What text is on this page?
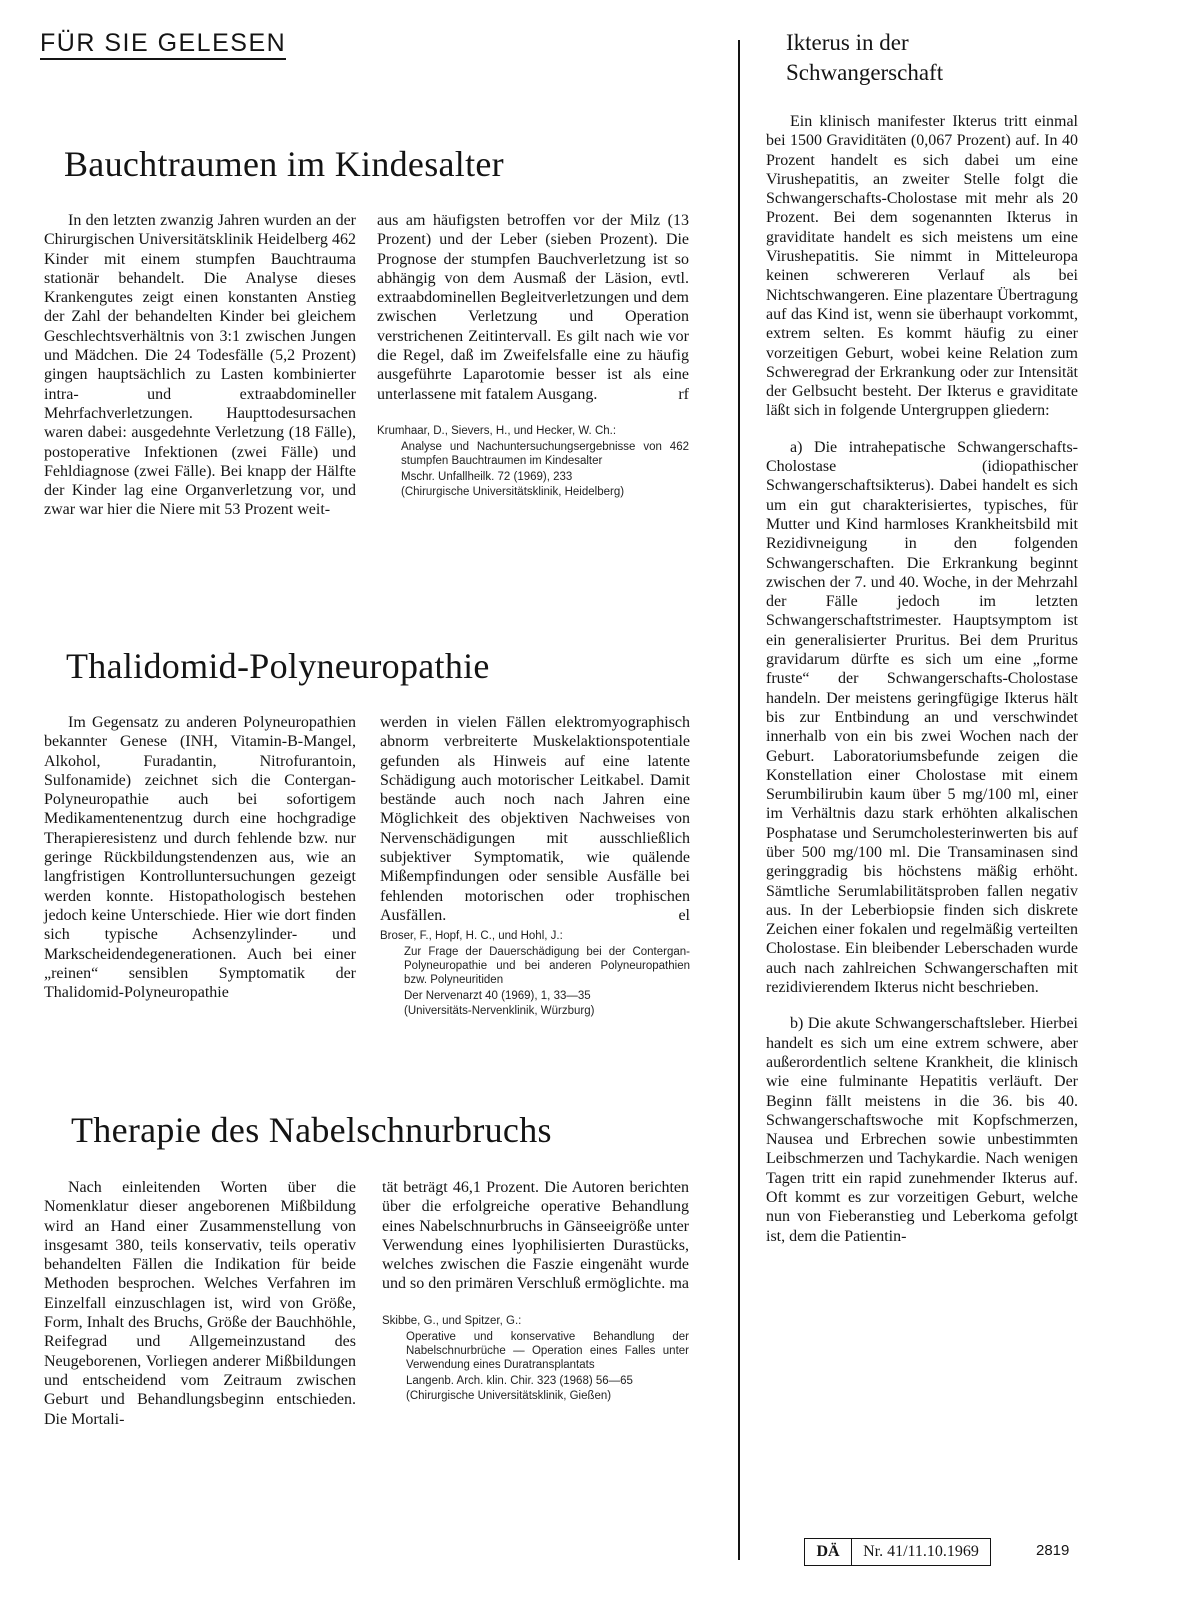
FÜR SIE GELESEN
Bauchtraumen im Kindesalter

In den letzten zwanzig Jahren wurden an der Chirurgischen Universitätsklinik Heidelberg 462 Kinder mit einem stumpfen Bauchtrauma stationär behandelt. Die Analyse dieses Krankengutes zeigt einen konstanten Anstieg der Zahl der behandelten Kinder bei gleichem Geschlechtsverhältnis von 3:1 zwischen Jungen und Mädchen. Die 24 Todesfälle (5,2 Prozent) gingen hauptsächlich zu Lasten kombinierter intra- und extraabdomineller Mehrfachverletzungen. Haupttodesursachen waren dabei: ausgedehnte Verletzung (18 Fälle), postoperative Infektionen (zwei Fälle) und Fehldiagnose (zwei Fälle). Bei knapp der Hälfte der Kinder lag eine Organverletzung vor, und zwar war hier die Niere mit 53 Prozent weit-

aus am häufigsten betroffen vor der Milz (13 Prozent) und der Leber (sieben Prozent). Die Prognose der stumpfen Bauchverletzung ist so abhängig von dem Ausmaß der Läsion, evtl. extraabdominellen Begleitverletzungen und dem zwischen Verletzung und Operation verstrichenen Zeitintervall. Es gilt nach wie vor die Regel, daß im Zweifelsfalle eine zu häufig ausgeführte Laparotomie besser ist als eine unterlassene mit fatalem Ausgang.	rf

Krumhaar, D., Sievers, H., und Hecker, W. Ch.:
Analyse und Nachuntersuchungsergebnisse von 462 stumpfen Bauchtraumen im Kindesalter
Mschr. Unfallheilk. 72 (1969), 233
(Chirurgische Universitätsklinik, Heidelberg)
Thalidomid-Polyneuropathie

Im Gegensatz zu anderen Polyneuropathien bekannter Genese (INH, Vitamin-B-Mangel, Alkohol, Furadantin, Nitrofurantoin, Sulfonamide) zeichnet sich die Contergan-Polyneuropathie auch bei sofortigem Medikamentenentzug durch eine hochgradige Therapieresistenz und durch fehlende bzw. nur geringe Rückbildungstendenzen aus, wie an langfristigen Kontrolluntersuchungen gezeigt werden konnte. Histopathologisch bestehen jedoch keine Unterschiede. Hier wie dort finden sich typische Achsenzylinder- und Markscheidendegenerationen. Auch bei einer „reinen“ sensiblen Symptomatik der Thalidomid-Polyneuropathie

werden in vielen Fällen elektromyographisch abnorm verbreiterte Muskelaktionspotentiale gefunden als Hinweis auf eine latente Schädigung auch motorischer Leitkabel. Damit bestände auch noch nach Jahren eine Möglichkeit des objektiven Nachweises von Nervenschädigungen mit ausschließlich subjektiver Symptomatik, wie quälende Mißempfindungen oder sensible Ausfälle bei fehlenden motorischen oder trophischen Ausfällen.	el

Broser, F., Hopf, H. C., und Hohl, J.:
Zur Frage der Dauerschädigung bei der Contergan-Polyneuropathie und bei anderen Polyneuropathien bzw. Polyneuritiden
Der Nervenarzt 40 (1969), 1, 33—35
(Universitäts-Nervenklinik, Würzburg)
Therapie des Nabelschnurbruchs

Nach einleitenden Worten über die Nomenklatur dieser angeborenen Mißbildung wird an Hand einer Zusammenstellung von insgesamt 380, teils konservativ, teils operativ behandelten Fällen die Indikation für beide Methoden besprochen. Welches Verfahren im Einzelfall einzuschlagen ist, wird von Größe, Form, Inhalt des Bruchs, Größe der Bauchhöhle, Reifegrad und Allgemeinzustand des Neugeborenen, Vorliegen anderer Mißbildungen und entscheidend vom Zeitraum zwischen Geburt und Behandlungsbeginn entschieden. Die Mortali-

tät beträgt 46,1 Prozent. Die Autoren berichten über die erfolgreiche operative Behandlung eines Nabelschnurbruchs in Gänseeigröße unter Verwendung eines lyophilisierten Durastücks, welches zwischen die Faszie eingenäht wurde und so den primären Verschluß ermöglichte. ma

Skibbe, G., und Spitzer, G.:
Operative und konservative Behandlung der Nabelschnurbrüche — Operation eines Falles unter Verwendung eines Duratransplantats
Langenb. Arch. klin. Chir. 323 (1968) 56—65
(Chirurgische Universitätsklinik, Gießen)
Ikterus in der
Schwangerschaft

Ein klinisch manifester Ikterus tritt einmal bei 1500 Graviditäten (0,067 Prozent) auf. In 40 Prozent handelt es sich dabei um eine Virushepatitis, an zweiter Stelle folgt die Schwangerschafts-Cholostase mit mehr als 20 Prozent. Bei dem sogenannten Ikterus in graviditate handelt es sich meistens um eine Virushepatitis. Sie nimmt in Mitteleuropa keinen schwereren Verlauf als bei Nichtschwangeren. Eine plazentare Übertragung auf das Kind ist, wenn sie überhaupt vorkommt, extrem selten. Es kommt häufig zu einer vorzeitigen Geburt, wobei keine Relation zum Schweregrad der Erkrankung oder zur Intensität der Gelbsucht besteht. Der Ikterus e graviditate läßt sich in folgende Untergruppen gliedern:

a) Die intrahepatische Schwangerschafts-Cholostase (idiopathischer Schwangerschaftsikterus). Dabei handelt es sich um ein gut charakterisiertes, typisches, für Mutter und Kind harmloses Krankheitsbild mit Rezidivneigung in den folgenden Schwangerschaften. Die Erkrankung beginnt zwischen der 7. und 40. Woche, in der Mehrzahl der Fälle jedoch im letzten Schwangerschaftstrimester. Hauptsymptom ist ein generalisierter Pruritus. Bei dem Pruritus gravidarum dürfte es sich um eine „forme fruste“ der Schwangerschafts-Cholostase handeln. Der meistens geringfügige Ikterus hält bis zur Entbindung an und verschwindet innerhalb von ein bis zwei Wochen nach der Geburt. Laboratoriumsbefunde zeigen die Konstellation einer Cholostase mit einem Serumbilirubin kaum über 5 mg/100 ml, einer im Verhältnis dazu stark erhöhten alkalischen Posphatase und Serumcholesterinwerten bis auf über 500 mg/100 ml. Die Transaminasen sind geringgradig bis höchstens mäßig erhöht. Sämtliche Serumlabilitätsproben fallen negativ aus. In der Leberbiopsie finden sich diskrete Zeichen einer fokalen und regelmäßig verteilten Cholostase. Ein bleibender Leberschaden wurde auch nach zahlreichen Schwangerschaften mit rezidivierendem Ikterus nicht beschrieben.

b) Die akute Schwangerschaftsleber. Hierbei handelt es sich um eine extrem schwere, aber außerordentlich seltene Krankheit, die klinisch wie eine fulminante Hepatitis verläuft. Der Beginn fällt meistens in die 36. bis 40. Schwangerschaftswoche mit Kopfschmerzen, Nausea und Erbrechen sowie unbestimmten Leibschmerzen und Tachykardie. Nach wenigen Tagen tritt ein rapid zunehmender Ikterus auf. Oft kommt es zur vorzeitigen Geburt, welche nun von Fieberanstieg und Leberkoma gefolgt ist, dem die Patientin-

DÄ	Nr. 41/11.10.1969	2819
